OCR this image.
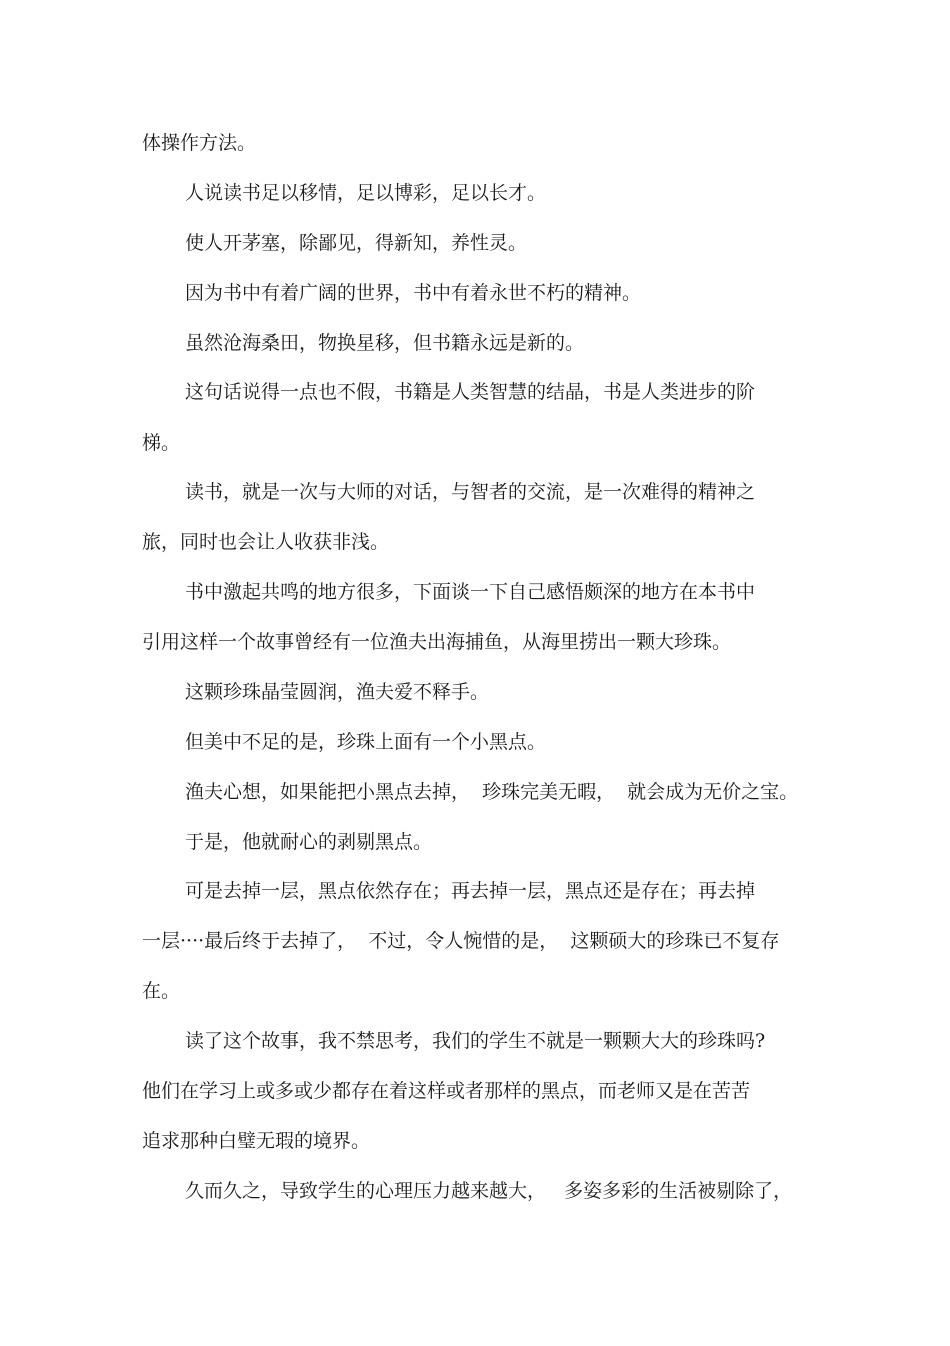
体操作方法。
人说读书足以移情，足以博彩，足以长才。
使人开茅塞，除鄙见，得新知，养性灵。
因为书中有着广阔的世界，书中有着永世不朽的精神。
虽然沧海桑田，物换星移，但书籍永远是新的。
这句话说得一点也不假，书籍是人类智慧的结晶，书是人类进步的阶
梯。
读书，就是一次与大师的对话，与智者的交流，是一次难得的精神之
旅，同时也会让人收获非浅。
书中激起共鸣的地方很多，下面谈一下自己感悟颇深的地方在本书中
引用这样一个故事曾经有一位渔夫出海捕鱼，从海里捞出一颗大珍珠。
这颗珍珠晶莹圆润，渔夫爱不释手。
但美中不足的是，珍珠上面有一个小黑点。
渔夫心想，如果能把小黑点去掉，  珍珠完美无暇，  就会成为无价之宝。
于是，他就耐心的剥剔黑点。
可是去掉一层，黑点依然存在；再去掉一层，黑点还是存在；再去掉
一层····最后终于去掉了，  不过，令人惋惜的是，  这颗硕大的珍珠已不复存
在。
读了这个故事，我不禁思考，我们的学生不就是一颗颗大大的珍珠吗?
他们在学习上或多或少都存在着这样或者那样的黑点，而老师又是在苦苦
追求那种白璧无瑕的境界。
久而久之，导致学生的心理压力越来越大，   多姿多彩的生活被剔除了，
